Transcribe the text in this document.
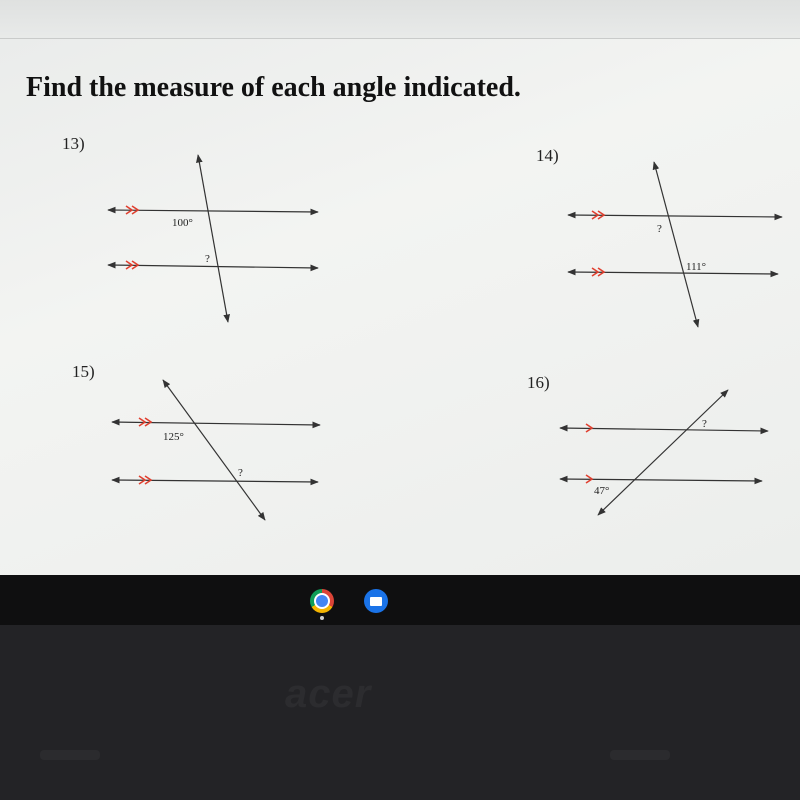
Find the measure of each angle indicated.
13)
14)
15)
16)
100°
?
?
111°
125°
?
?
47°
acer
